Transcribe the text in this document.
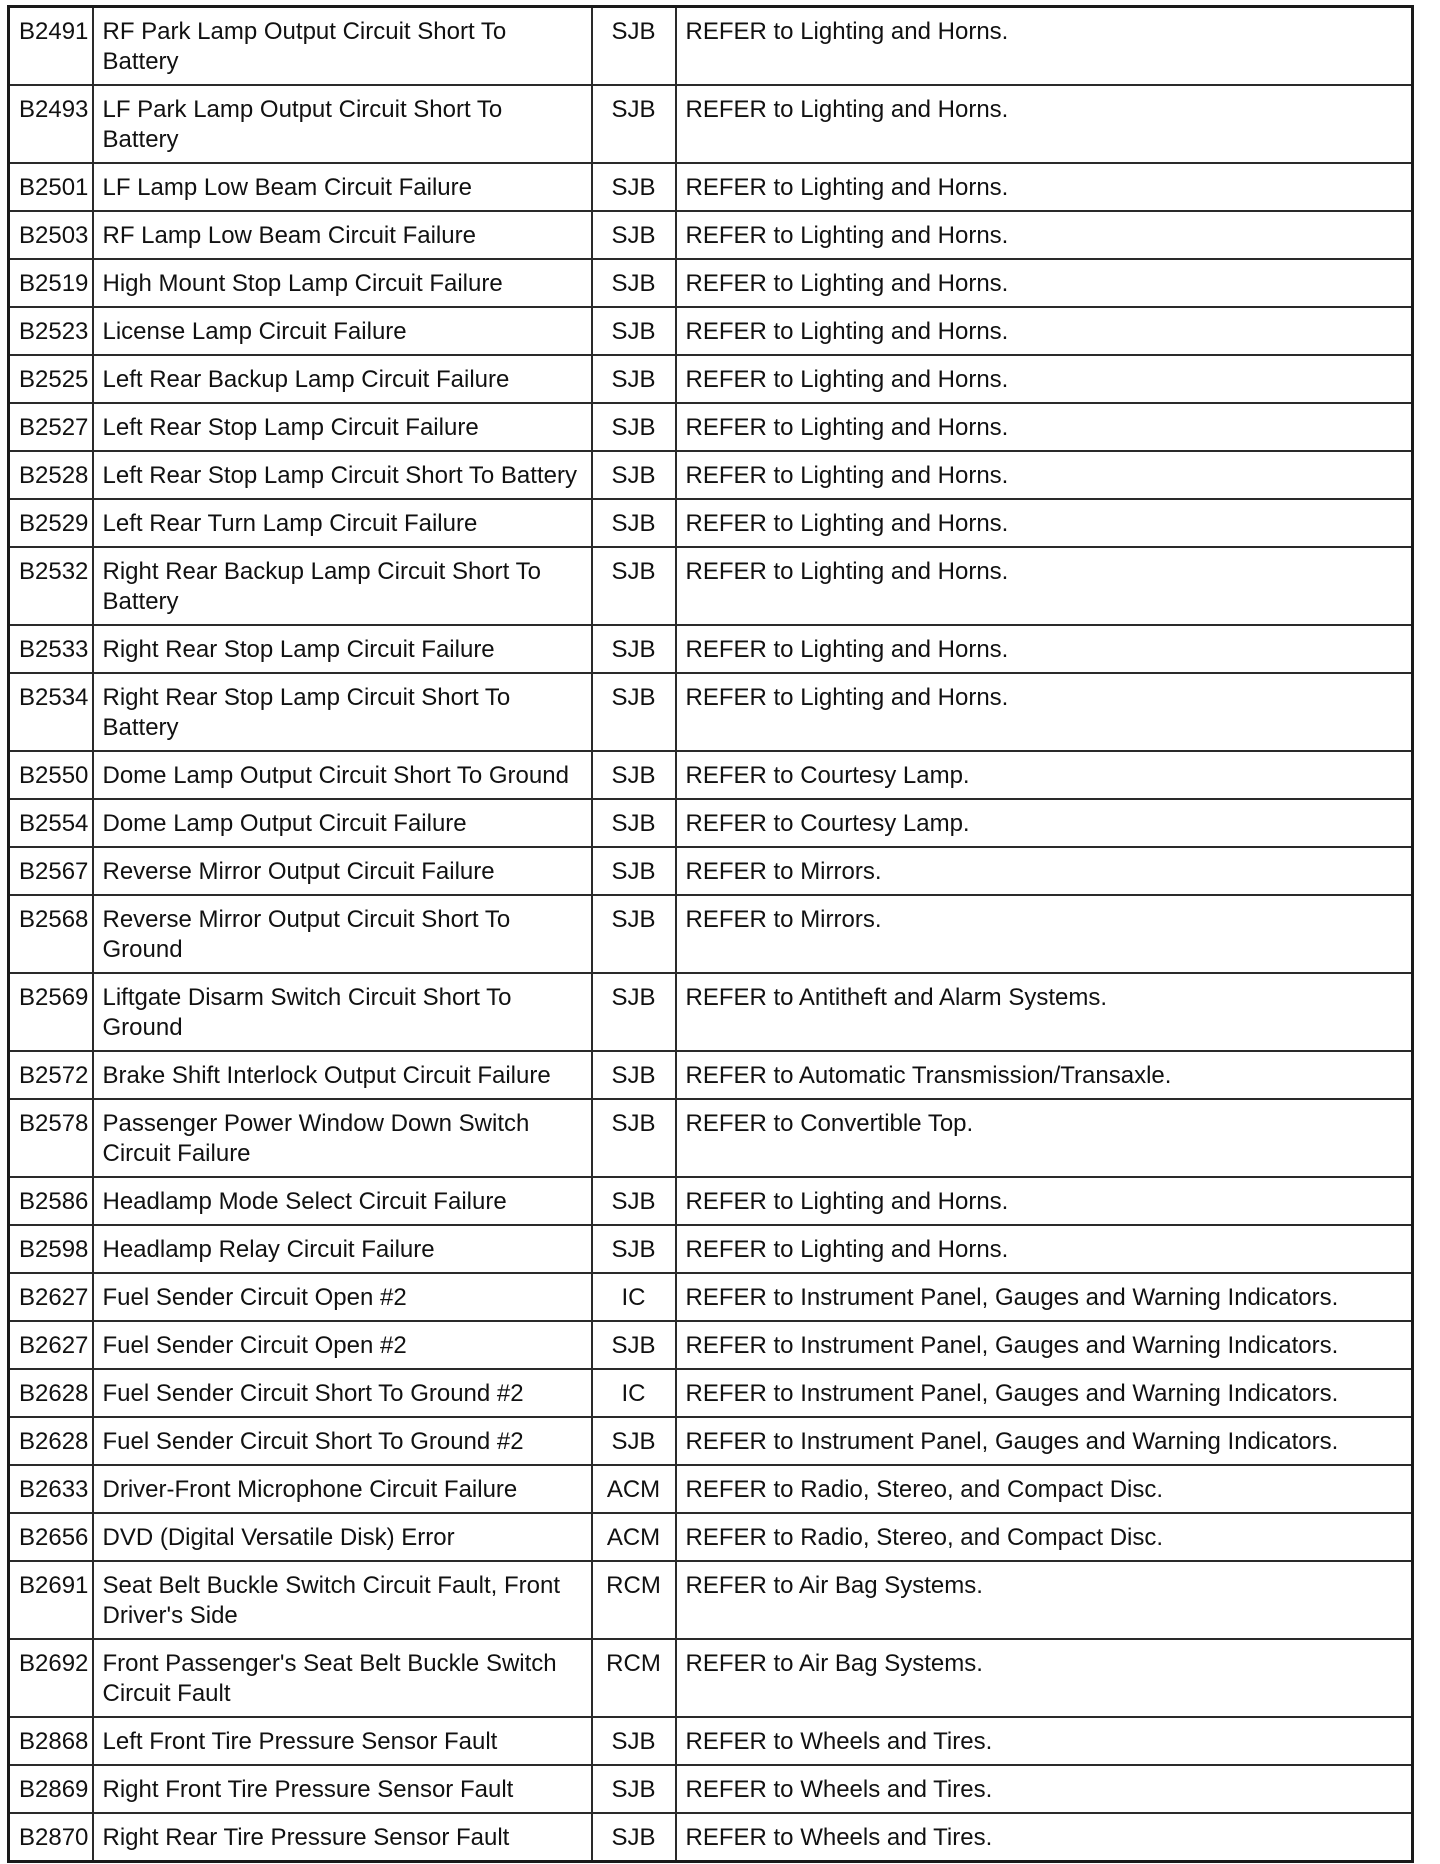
B2491	RF Park Lamp Output Circuit Short To Battery	SJB	REFER to Lighting and Horns.

B2493	LF Park Lamp Output Circuit Short To Battery	SJB	REFER to Lighting and Horns.

B2501	LF Lamp Low Beam Circuit Failure	SJB	REFER to Lighting and Horns.

B2503	RF Lamp Low Beam Circuit Failure	SJB	REFER to Lighting and Horns.

B2519	High Mount Stop Lamp Circuit Failure	SJB	REFER to Lighting and Horns.

B2523	License Lamp Circuit Failure	SJB	REFER to Lighting and Horns.

B2525	Left Rear Backup Lamp Circuit Failure	SJB	REFER to Lighting and Horns.

B2527	Left Rear Stop Lamp Circuit Failure	SJB	REFER to Lighting and Horns.

B2528	Left Rear Stop Lamp Circuit Short To Battery	SJB	REFER to Lighting and Horns.

B2529	Left Rear Turn Lamp Circuit Failure	SJB	REFER to Lighting and Horns.

B2532	Right Rear Backup Lamp Circuit Short To Battery	SJB	REFER to Lighting and Horns.

B2533	Right Rear Stop Lamp Circuit Failure	SJB	REFER to Lighting and Horns.

B2534	Right Rear Stop Lamp Circuit Short To Battery	SJB	REFER to Lighting and Horns.

B2550	Dome Lamp Output Circuit Short To Ground	SJB	REFER to Courtesy Lamp.

B2554	Dome Lamp Output Circuit Failure	SJB	REFER to Courtesy Lamp.

B2567	Reverse Mirror Output Circuit Failure	SJB	REFER to Mirrors.

B2568	Reverse Mirror Output Circuit Short To Ground	SJB	REFER to Mirrors.

B2569	Liftgate Disarm Switch Circuit Short To Ground	SJB	REFER to Antitheft and Alarm Systems.

B2572	Brake Shift Interlock Output Circuit Failure	SJB	REFER to Automatic Transmission/Transaxle.

B2578	Passenger Power Window Down Switch Circuit Failure	SJB	REFER to Convertible Top.

B2586	Headlamp Mode Select Circuit Failure	SJB	REFER to Lighting and Horns.

B2598	Headlamp Relay Circuit Failure	SJB	REFER to Lighting and Horns.

B2627	Fuel Sender Circuit Open #2	IC	REFER to Instrument Panel, Gauges and Warning Indicators.

B2627	Fuel Sender Circuit Open #2	SJB	REFER to Instrument Panel, Gauges and Warning Indicators.

B2628	Fuel Sender Circuit Short To Ground #2	IC	REFER to Instrument Panel, Gauges and Warning Indicators.

B2628	Fuel Sender Circuit Short To Ground #2	SJB	REFER to Instrument Panel, Gauges and Warning Indicators.

B2633	Driver-Front Microphone Circuit Failure	ACM	REFER to Radio, Stereo, and Compact Disc.

B2656	DVD (Digital Versatile Disk) Error	ACM	REFER to Radio, Stereo, and Compact Disc.

B2691	Seat Belt Buckle Switch Circuit Fault, Front Driver's Side	RCM	REFER to Air Bag Systems.

B2692	Front Passenger's Seat Belt Buckle Switch Circuit Fault	RCM	REFER to Air Bag Systems.

B2868	Left Front Tire Pressure Sensor Fault	SJB	REFER to Wheels and Tires.

B2869	Right Front Tire Pressure Sensor Fault	SJB	REFER to Wheels and Tires.

B2870	Right Rear Tire Pressure Sensor Fault	SJB	REFER to Wheels and Tires.
